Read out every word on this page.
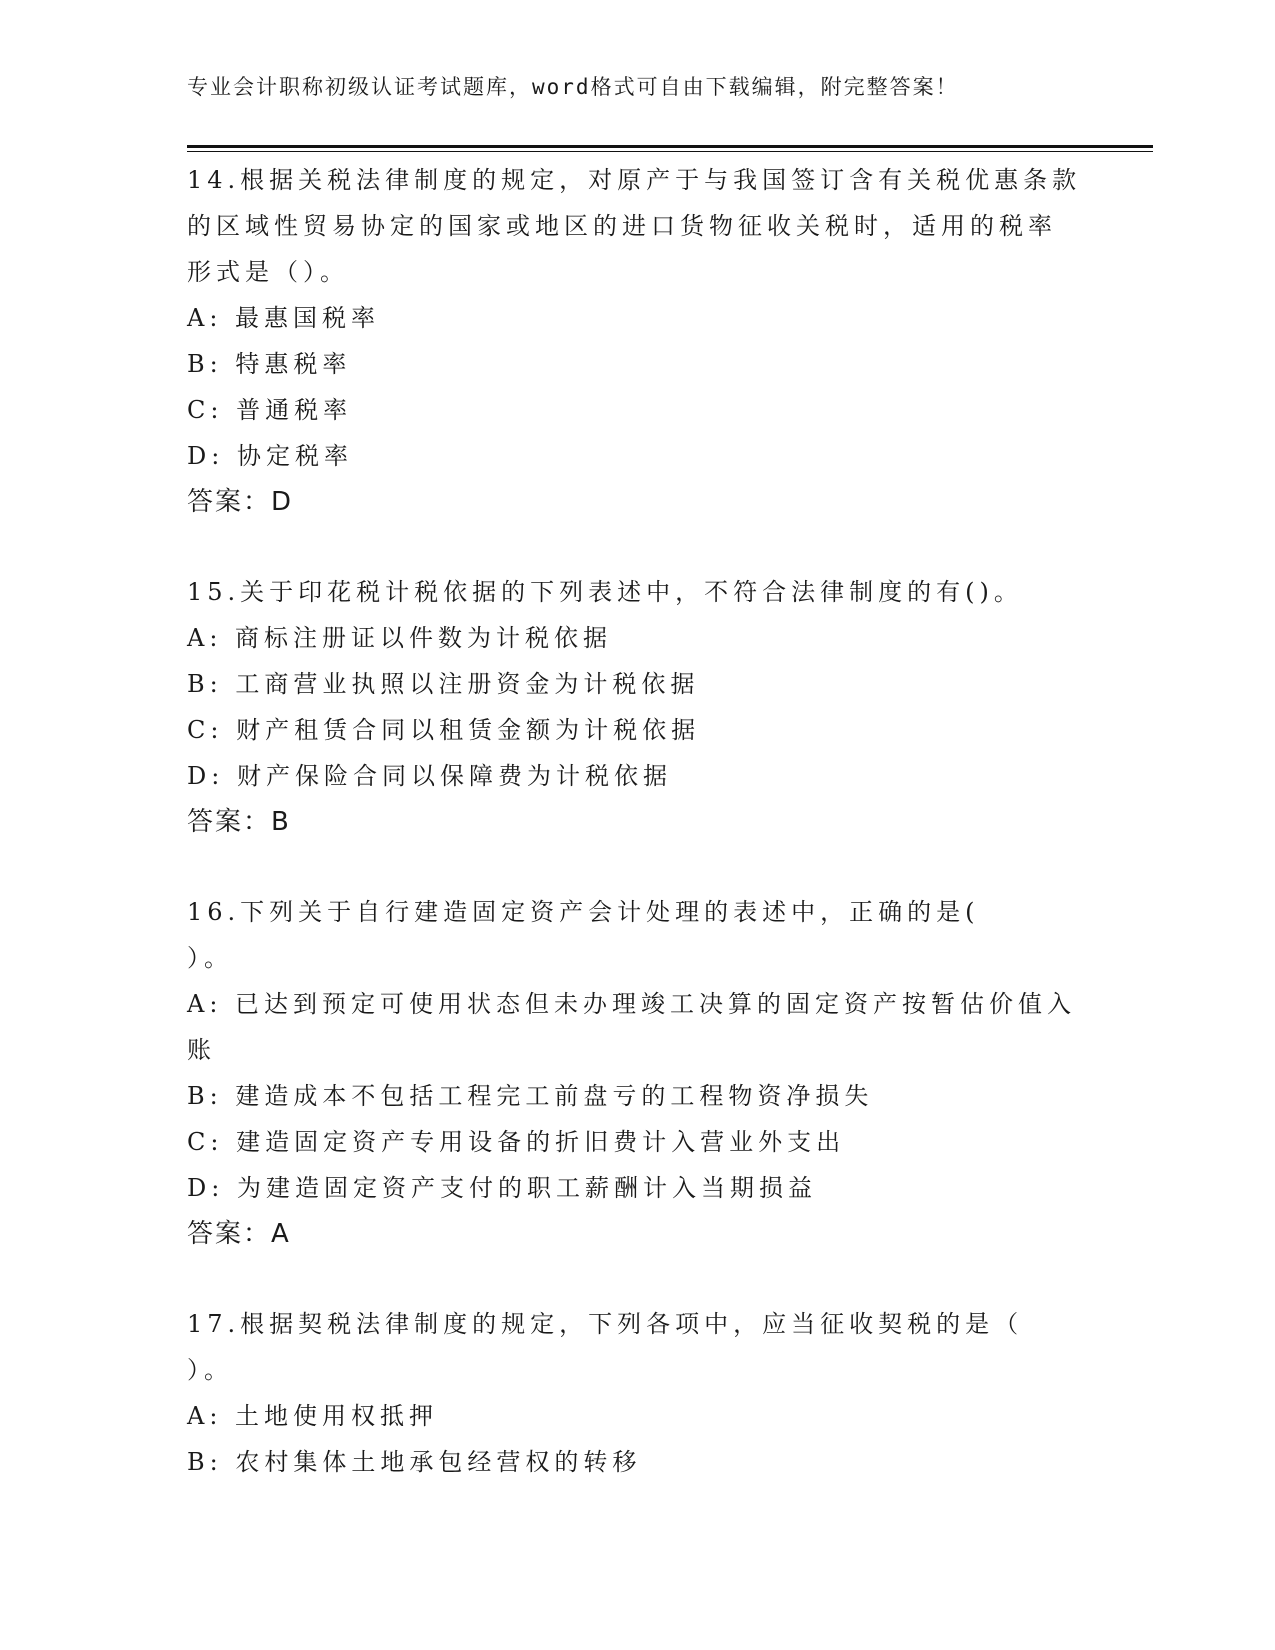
专业会计职称初级认证考试题库，word格式可自由下载编辑，附完整答案！
14.根据关税法律制度的规定，对原产于与我国签订含有关税优惠条款
的区域性贸易协定的国家或地区的进口货物征收关税时，适用的税率
形式是（）。
A: 最惠国税率
B: 特惠税率
C: 普通税率
D: 协定税率
答案：D
15.关于印花税计税依据的下列表述中，不符合法律制度的有()。
A: 商标注册证以件数为计税依据
B: 工商营业执照以注册资金为计税依据
C: 财产租赁合同以租赁金额为计税依据
D: 财产保险合同以保障费为计税依据
答案：B
16.下列关于自行建造固定资产会计处理的表述中，正确的是(
）。
A: 已达到预定可使用状态但未办理竣工决算的固定资产按暂估价值入
账
B: 建造成本不包括工程完工前盘亏的工程物资净损失
C: 建造固定资产专用设备的折旧费计入营业外支出
D: 为建造固定资产支付的职工薪酬计入当期损益
答案：A
17.根据契税法律制度的规定，下列各项中，应当征收契税的是（
）。
A: 土地使用权抵押
B: 农村集体土地承包经营权的转移
